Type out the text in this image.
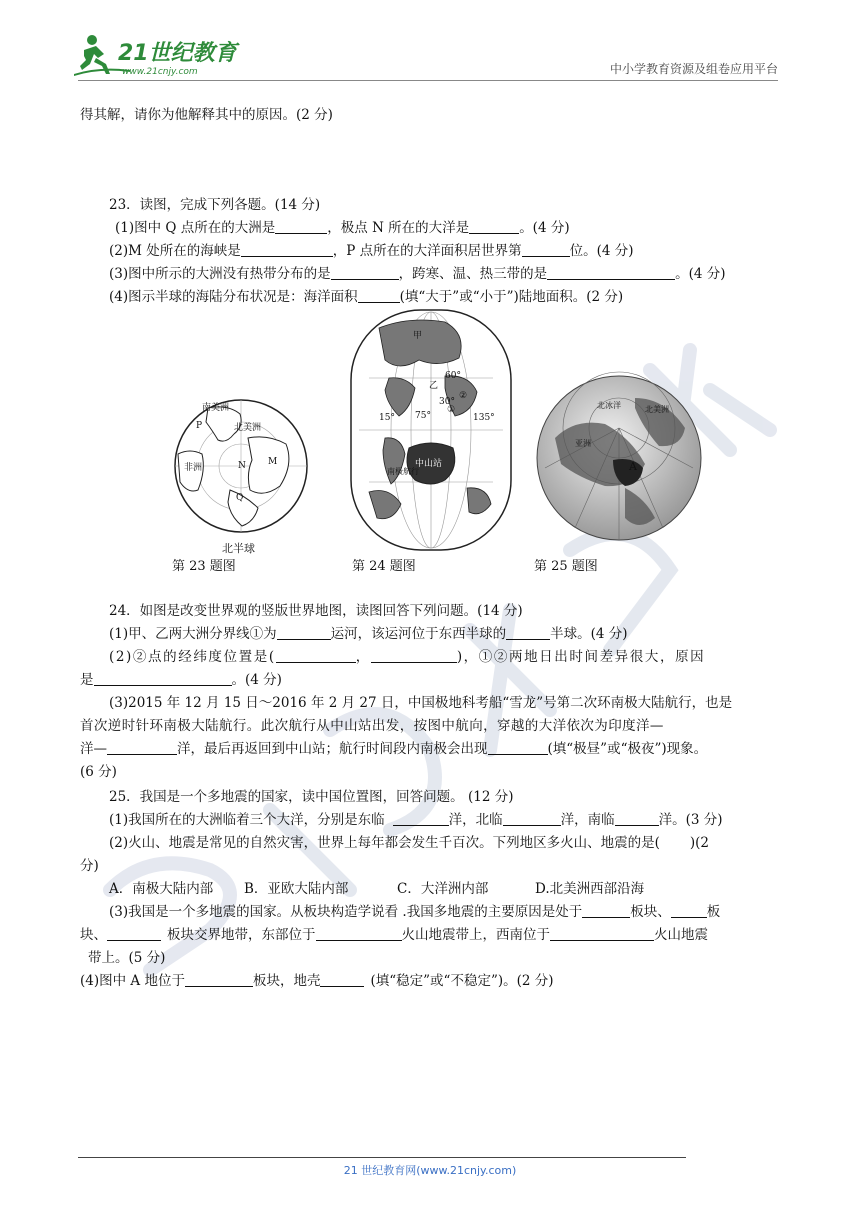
21世纪教育
www.21cnjy.com	中小学教育资源及组卷应用平台
得其解，请你为他解释其中的原因。(2 分)
23．读图，完成下列各题。(14 分)
(1)图中 Q 点所在的大洲是	，极点 N 所在的大洋是	。(4 分)
(2)M 处所在的海峡是	，P 点所在的大洋面积居世界第	位。(4 分)
(3)图中所示的大洲没有热带分布的是	，跨寒、温、热三带的是	。(4 分)
(4)图示半球的海陆分布状况是：海洋面积	(填“大于”或“小于”)陆地面积。(2 分)
南美洲
北美洲
非洲
P
N M
Q
北半球
第 23 题图
甲
乙
60°
30°
15° 75°	135°
①
②
中山站
南极航行
第 24 题图
北冰洋	北美洲
亚洲
A
第 25 题图
24．如图是改变世界观的竖版世界地图，读图回答下列问题。(14 分)
(1)甲、乙两大洲分界线①为	运河，该运河位于东西半球的	半球。(4 分)
(2)②点的经纬度位置是(	，	)，①②两地日出时间差异很大，原因
是	。(4 分)
(3)2015 年 12 月 15 日～2016 年 2 月 27 日，中国极地科考船“雪龙”号第二次环南极大陆航行，也是
首次逆时针环南极大陆航行。此次航行从中山站出发，按图中航向，穿越的大洋依次为印度洋—
洋—	洋，最后再返回到中山站；航行时间段内南极会出现	(填“极昼”或“极夜”)现象。
(6 分)
25．我国是一个多地震的国家，读中国位置图，回答问题。 (12 分)
(1)我国所在的大洲临着三个大洋，分别是东临	洋，北临	洋，南临	洋。(3 分)
(2)火山、地震是常见的自然灾害，世界上每年都会发生千百次。下列地区多火山、地震的是( )(2
分)
A．南极大陆内部 B．亚欧大陆内部	C．大洋洲内部	D.北美洲西部沿海
(3)我国是一个多地震的国家。从板块构造学说看 .我国多地震的主要原因是处于	板块、	板
块、	板块交界地带，东部位于	火山地震带上，西南位于	火山地震
带上。(5 分)
(4)图中 A 地位于	板块，地壳	(填“稳定”或“不稳定”)。(2 分)
21 世纪教育网(www.21cnjy.com)
